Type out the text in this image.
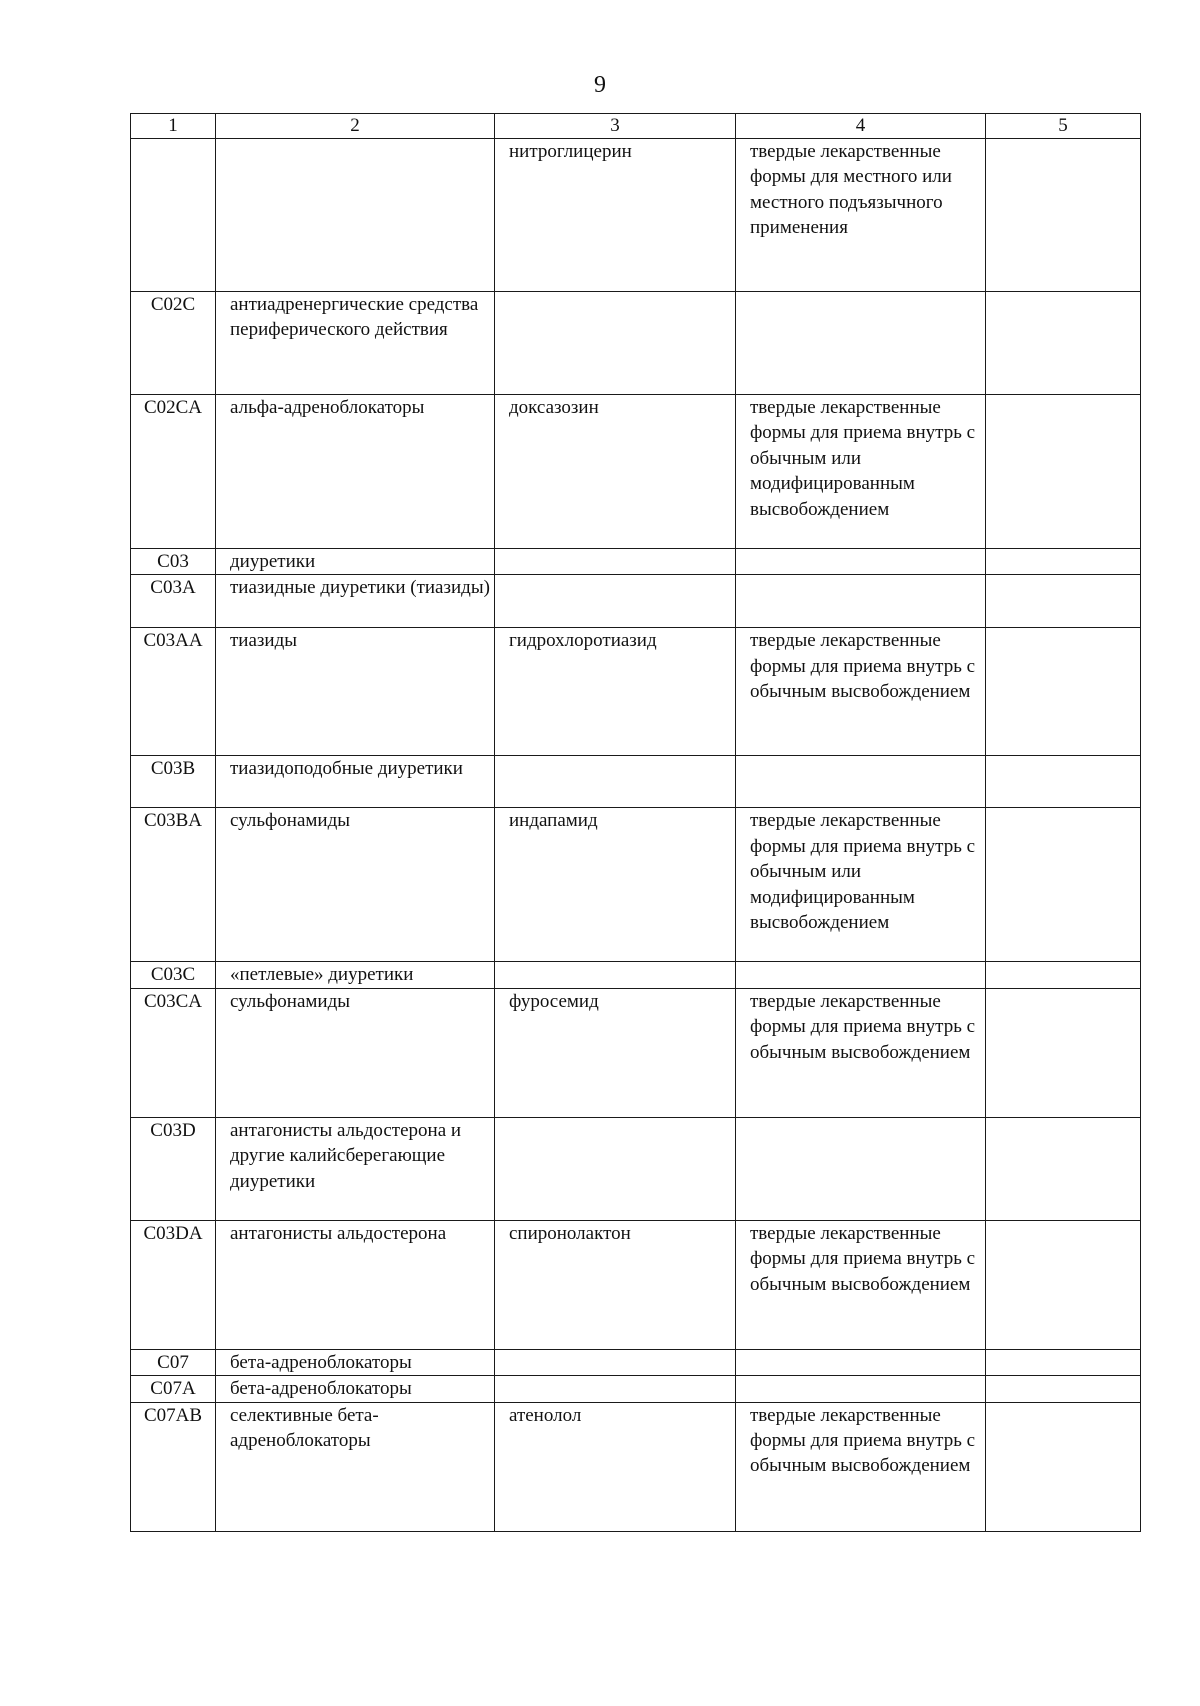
9
1	2	3	4	5
		нитроглицерин	твердые лекарственные формы для местного или местного подъязычного применения	
C02C	антиадренергические средства периферического действия			
C02CA	альфа-адреноблокаторы	доксазозин	твердые лекарственные формы для приема внутрь с обычным или модифицированным высвобождением	
C03	диуретики			
C03A	тиазидные диуретики (тиазиды)			
C03AA	тиазиды	гидрохлоротиазид	твердые лекарственные формы для приема внутрь с обычным высвобождением	
C03B	тиазидоподобные диуретики			
C03BA	сульфонамиды	индапамид	твердые лекарственные формы для приема внутрь с обычным или модифицированным высвобождением	
C03C	«петлевые» диуретики			
C03CA	сульфонамиды	фуросемид	твердые лекарственные формы для приема внутрь с обычным высвобождением	
C03D	антагонисты альдостерона и другие калийсберегающие диуретики			
C03DA	антагонисты альдостерона	спиронолактон	твердые лекарственные формы для приема внутрь с обычным высвобождением	
C07	бета-адреноблокаторы			
C07A	бета-адреноблокаторы			
C07AB	селективные бета-адреноблокаторы	атенолол	твердые лекарственные формы для приема внутрь с обычным высвобождением	
